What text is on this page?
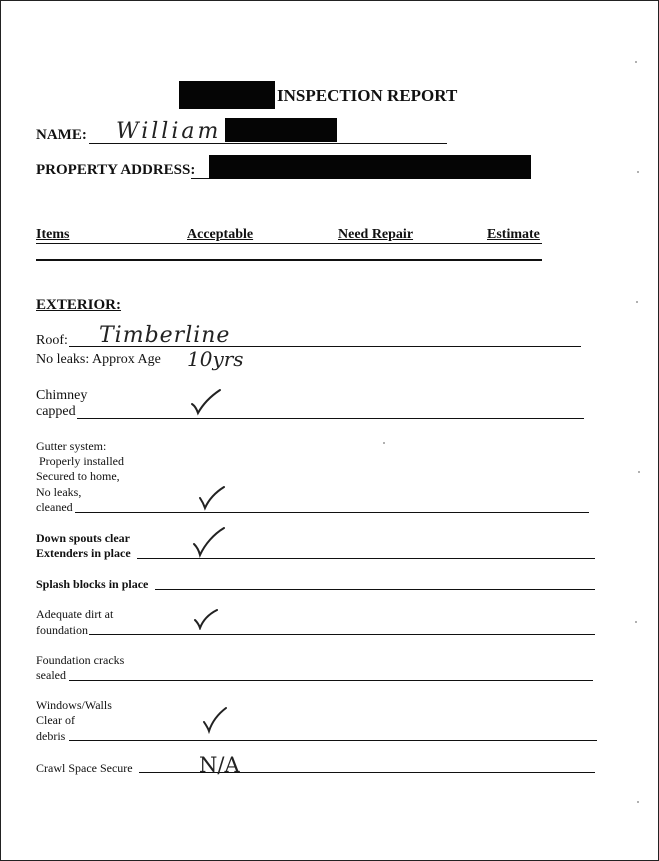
INSPECTION REPORT
NAME: William
PROPERTY ADDRESS:
Items	Acceptable	Need Repair	Estimate
EXTERIOR:
Roof: Timberline
No leaks: Approx Age 10yrs
Chimney
capped
Gutter system:
Properly installed
Secured to home,
No leaks,
cleaned
Down spouts clear
Extenders in place
Splash blocks in place
Adequate dirt at
foundation
Foundation cracks
sealed
Windows/Walls
Clear of
debris
Crawl Space Secure	N/A
